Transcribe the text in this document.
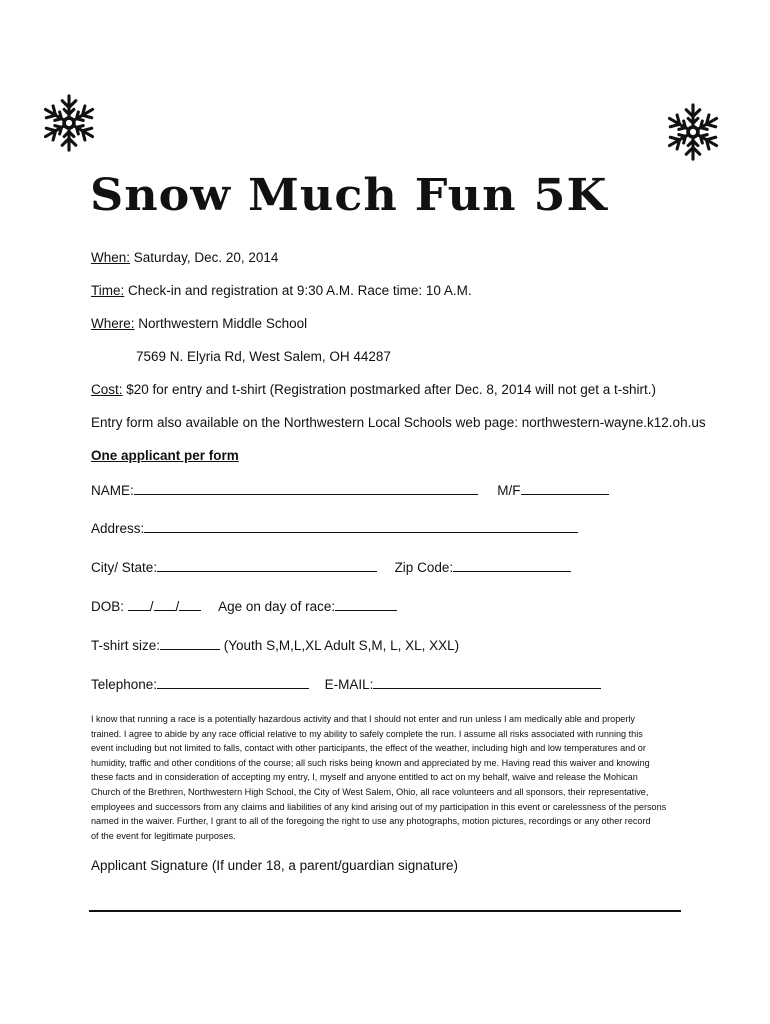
Snow Much Fun 5K
When: Saturday, Dec. 20, 2014
Time: Check-in and registration at 9:30 A.M. Race time: 10 A.M.
Where: Northwestern Middle School
7569 N. Elyria Rd, West Salem, OH 44287
Cost: $20 for entry and t-shirt (Registration postmarked after Dec. 8, 2014 will not get a t-shirt.)
Entry form also available on the Northwestern Local Schools web page: northwestern-wayne.k12.oh.us
One applicant per form
NAME:	M/F
Address:
City/ State:	Zip Code:
DOB: / /	Age on day of race:
T-shirt size:	(Youth S,M,L,XL Adult S,M, L, XL, XXL)
Telephone:	E-MAIL:
I know that running a race is a potentially hazardous activity and that I should not enter and run unless I am medically able and properly
trained. I agree to abide by any race official relative to my ability to safely complete the run. I assume all risks associated with running this
event including but not limited to falls, contact with other participants, the effect of the weather, including high and low temperatures and or
humidity, traffic and other conditions of the course; all such risks being known and appreciated by me. Having read this waiver and knowing
these facts and in consideration of accepting my entry, I, myself and anyone entitled to act on my behalf, waive and release the Mohican
Church of the Brethren, Northwestern High School, the City of West Salem, Ohio, all race volunteers and all sponsors, their representative,
employees and successors from any claims and liabilities of any kind arising out of my participation in this event or carelessness of the persons
named in the waiver. Further, I grant to all of the foregoing the right to use any photographs, motion pictures, recordings or any other record
of the event for legitimate purposes.
Applicant Signature (If under 18, a parent/guardian signature)
